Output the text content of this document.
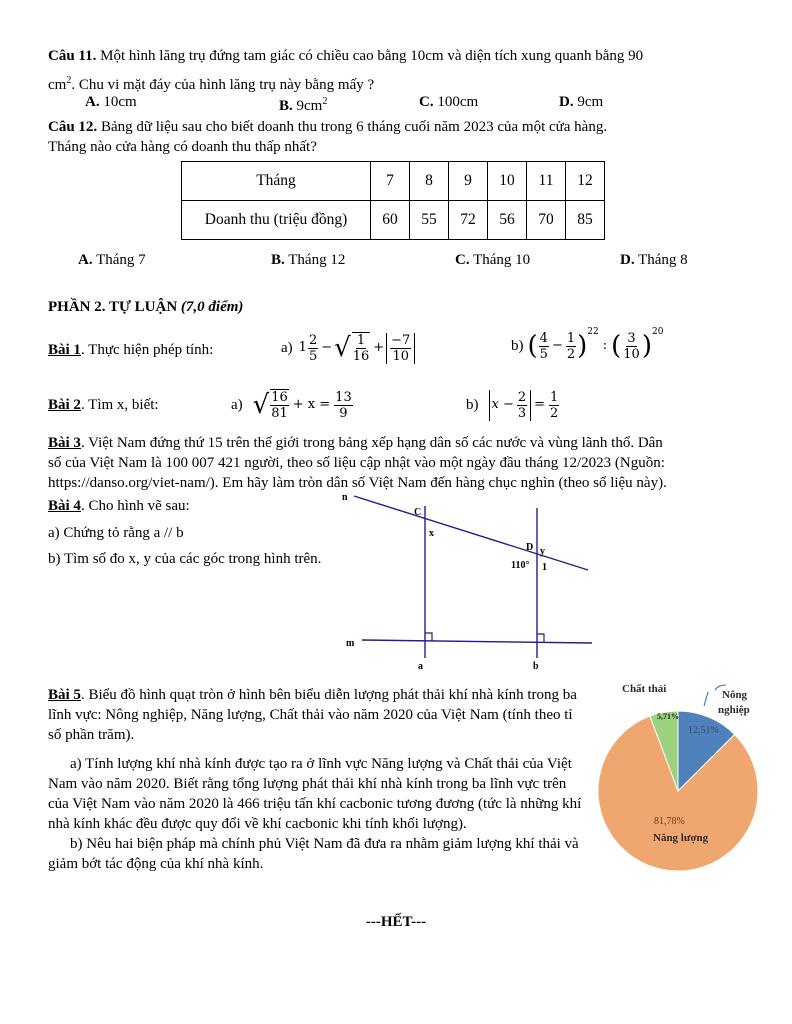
Câu 11. Một hình lăng trụ đứng tam giác có chiều cao bằng 10cm và diện tích xung quanh bằng 90
$cm^2$. Chu vi mặt đáy của hình lăng trụ này bằng mấy ?
A. 10cm	B. $9cm^2$	C. 100cm	D. 9cm
Câu 12. Bảng dữ liệu sau cho biết doanh thu trong 6 tháng cuối năm 2023 của một cửa hàng.
Tháng nào cửa hàng có doanh thu thấp nhất?
Tháng	7	8	9	10	11	12
Doanh thu (triệu đồng)	60	55	72	56	70	85
A. Tháng 7	B. Tháng 12	C. Tháng 10	D. Tháng 8
PHẦN 2. TỰ LUẬN (7,0 điểm)
Bài 1. Thực hiện phép tính:	a) $1 \frac{2}{5}$ − √ $\frac{1}{16} + \frac{-7}{10}$	b) ( $\frac{4}{5} - \frac{1}{2} )^{22}$
: ( $\frac{3}{10} )^{20}$
Bài 2. Tìm x, biết:	a) √ $\frac{16}{81} + x = \frac{13}{9}$	b) $x - \frac{2}{3} = \frac{1}{2}$
Bài 3. Việt Nam đứng thứ 15 trên thế giới trong bảng xếp hạng dân số các nước và vùng lãnh thổ. Dân
số của Việt Nam là 100 007 421 người, theo số liệu cập nhật vào một ngày đầu tháng 12/2023 (Nguồn:
https://danso.org/viet-nam/). Em hãy làm tròn dân số Việt Nam đến hàng chục nghìn (theo số liệu này).
Bài 4. Cho hình vẽ sau:
a) Chứng tỏ rằng a // b
b) Tìm số đo x, y của các góc trong hình trên.
n
m
a	b
C
x
D y
110° 1
Bài 5. Biểu đồ hình quạt tròn ở hình bên biểu diễn lượng phát thải khí nhà kính trong ba lĩnh vực: Nông nghiệp, Năng lượng, Chất thải vào năm 2020 của Việt Nam (tính theo tỉ số phần trăm).
a) Tính lượng khí nhà kính được tạo ra ở lĩnh vực Năng lượng và Chất thải của Việt Nam vào năm 2020. Biết rằng tổng lượng phát thải khí nhà kính trong ba lĩnh vực trên của Việt Nam vào năm 2020 là 466 triệu tấn khí cacbonic tương đương (tức là những khí nhà kính khác đều được quy đổi về khí cacbonic khi tính khối lượng).
b) Nêu hai biện pháp mà chính phủ Việt Nam đã đưa ra nhằm giảm lượng khí thải và giảm bớt tác động của khí nhà kính.
Chất thải	Nông
nghiệp
Năng lượng
12,51%
81,78%
5,71%
---HẾT---
